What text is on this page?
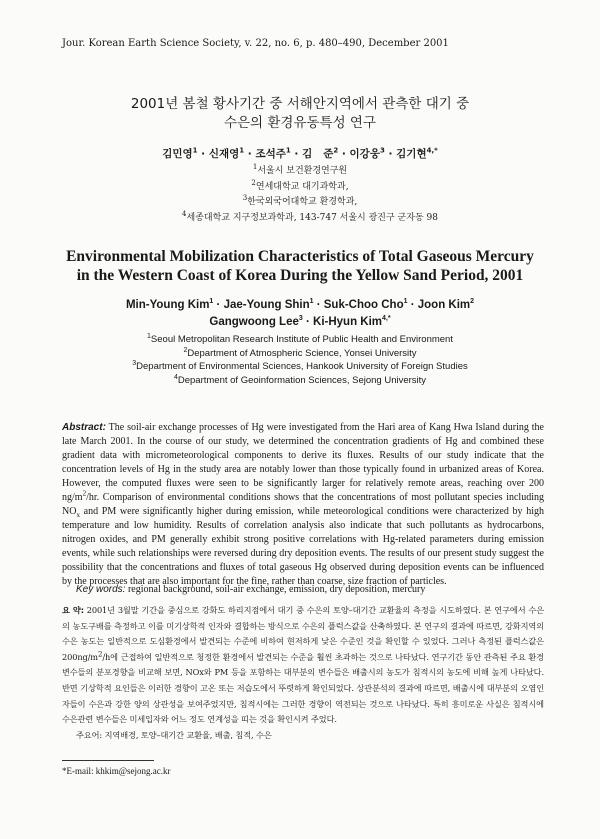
Jour. Korean Earth Science Society, v. 22, no. 6, p. 480–490, December 2001
2001년 봄철 황사기간 중 서해안지역에서 관측한 대기 중
수은의 환경유동특성 연구
김민영$^1$ · 신재영$^1$ · 조석주$^1$ · 김   준$^2$ · 이강웅$^3$ · 김기현$^{4,*}$
$^1$서울시 보건환경연구원
$^2$연세대학교 대기과학과,
$^3$한국외국어대학교 환경학과,
$^4$세종대학교 지구정보과학과, 143-747 서울시 광진구 군자동 98
Environmental Mobilization Characteristics of Total Gaseous Mercury
in the Western Coast of Korea During the Yellow Sand Period, 2001
Min-Young Kim$^1$ · Jae-Young Shin$^1$ · Suk-Choo Cho$^1$ · Joon Kim$^2$
Gangwoong Lee$^3$ · Ki-Hyun Kim$^{4,*}$
$^1$Seoul Metropolitan Research Institute of Public Health and Environment
$^2$Department of Atmospheric Science, Yonsei University
$^3$Department of Environmental Sciences, Hankook University of Foreign Studies
$^4$Department of Geoinformation Sciences, Sejong University
Abstract: The soil-air exchange processes of Hg were investigated from the Hari area of Kang Hwa Island during the late March 2001. In the course of our study, we determined the concentration gradients of Hg and combined these gradient data with micrometeorological components to derive its fluxes. Results of our study indicate that the concentration levels of Hg in the study area are notably lower than those typically found in urbanized areas of Korea. However, the computed fluxes were seen to be significantly larger for relatively remote areas, reaching over 200 $ng/m^2/hr$. Comparison of environmental conditions shows that the concentrations of most pollutant species including $NO_x$ and PM were significantly higher during emission, while meteorological conditions were characterized by high temperature and low humidity. Results of correlation analysis also indicate that such pollutants as hydrocarbons, nitrogen oxides, and PM generally exhibit strong positive correlations with Hg-related parameters during emission events, while such relationships were reversed during dry deposition events. The results of our present study suggest the possibility that the concentrations and fluxes of total gaseous Hg observed during deposition events can be influenced by the processes that are also important for the fine, rather than coarse, size fraction of particles.
Key words: regional background, soil-air exchange, emission, dry deposition, mercury
요 약: 2001년 3월말 기간을 중심으로 강화도 하리지점에서 대기 중 수은의 토양–대기간 교환율의 측정을 시도하였다. 본 연구에서 수은의 농도구배를 측정하고 이를 미기상학적 인자와 결합하는 방식으로 수은의 플럭스값을 산축하였다. 본 연구의 결과에 따르면, 강화지역의 수은 농도는 일반적으로 도심환경에서 발견되는 수준에 비하여 현저하게 낮은 수준인 것을 확인할 수 있었다. 그러나 측정된 플럭스값은 $200ng/m^2/h$에 근접하여 일반적으로 청정한 환경에서 발견되는 수준을 훨씬 초과하는 것으로 나타났다. 연구기간 동안 관측된 주요 환경변수들의 분포경향을 비교해 보면, NOx와 PM 등을 포함하는 대부분의 변수들은 배출시의 농도가 침적시의 농도에 비해 높게 나타났다. 반면 기상학적 요인들은 이러한 경향이 고온 또는 저습도에서 뚜렷하게 확인되었다. 상관분석의 결과에 따르면, 배출시에 대부분의 오염인자들이 수은과 강한 양의 상관성을 보여주었지만, 침적시에는 그러한 경향이 역전되는 것으로 나타났다. 특히 흥미로운 사실은 침적시에 수은관련 변수들은 미세입자와 어느 정도 연계성을 띠는 것을 확인시켜 주었다.
주요어: 지역배경, 토양–대기간 교환율, 배출, 침적, 수은
*E-mail: khkim@sejong.ac.kr
